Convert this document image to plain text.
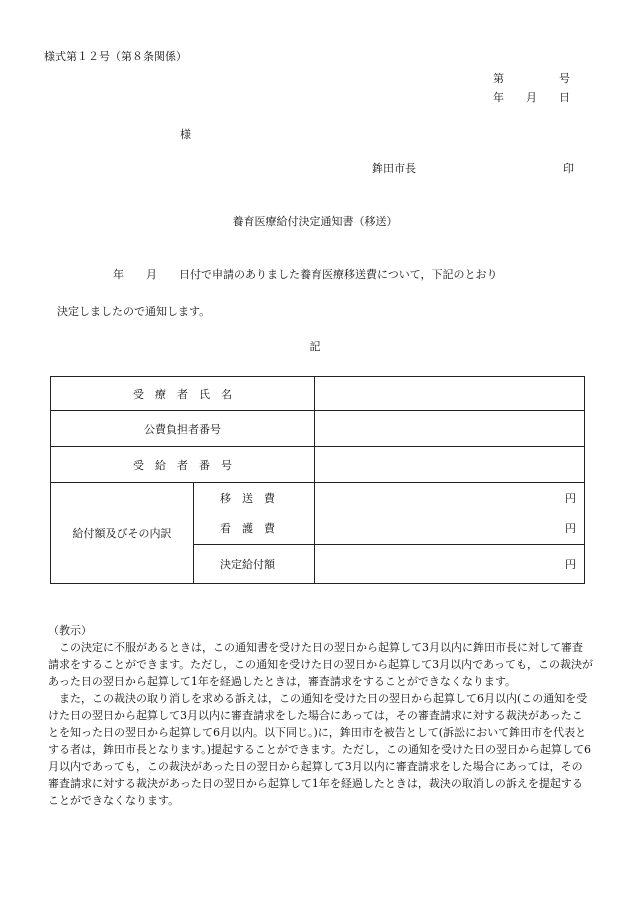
様式第１２号（第８条関係）
第　　　　　号
年　　月　　日
様
鉾田市長	印
養育医療給付決定通知書（移送）
年　　月　　日付で申請のありました養育医療移送費について，下記のとおり
決定しましたので通知します。
記
受　療　者　氏　名		
公費負担者番号		
受　給　者　番　号		
給付額及びその内訳	移　送　費	円
	看　護　費	円
	決定給付額	円

（教示）

この決定に不服があるときは，この通知書を受けた日の翌日から起算して3月以内に鉾田市長に対して審査請求をすることができます。ただし，この通知を受けた日の翌日から起算して3月以内であっても，この裁決があった日の翌日から起算して1年を経過したときは，審査請求をすることができなくなります。

また，この裁決の取り消しを求める訴えは，この通知を受けた日の翌日から起算して6月以内(この通知を受けた日の翌日から起算して3月以内に審査請求をした場合にあっては，その審査請求に対する裁決があったことを知った日の翌日から起算して6月以内。以下同じ。)に，鉾田市を被告として(訴訟において鉾田市を代表とする者は，鉾田市長となります。)提起することができます。ただし，この通知を受けた日の翌日から起算して6月以内であっても，この裁決があった日の翌日から起算して3月以内に審査請求をした場合にあっては，その審査請求に対する裁決があった日の翌日から起算して1年を経過したときは，裁決の取消しの訴えを提起することができなくなります。
